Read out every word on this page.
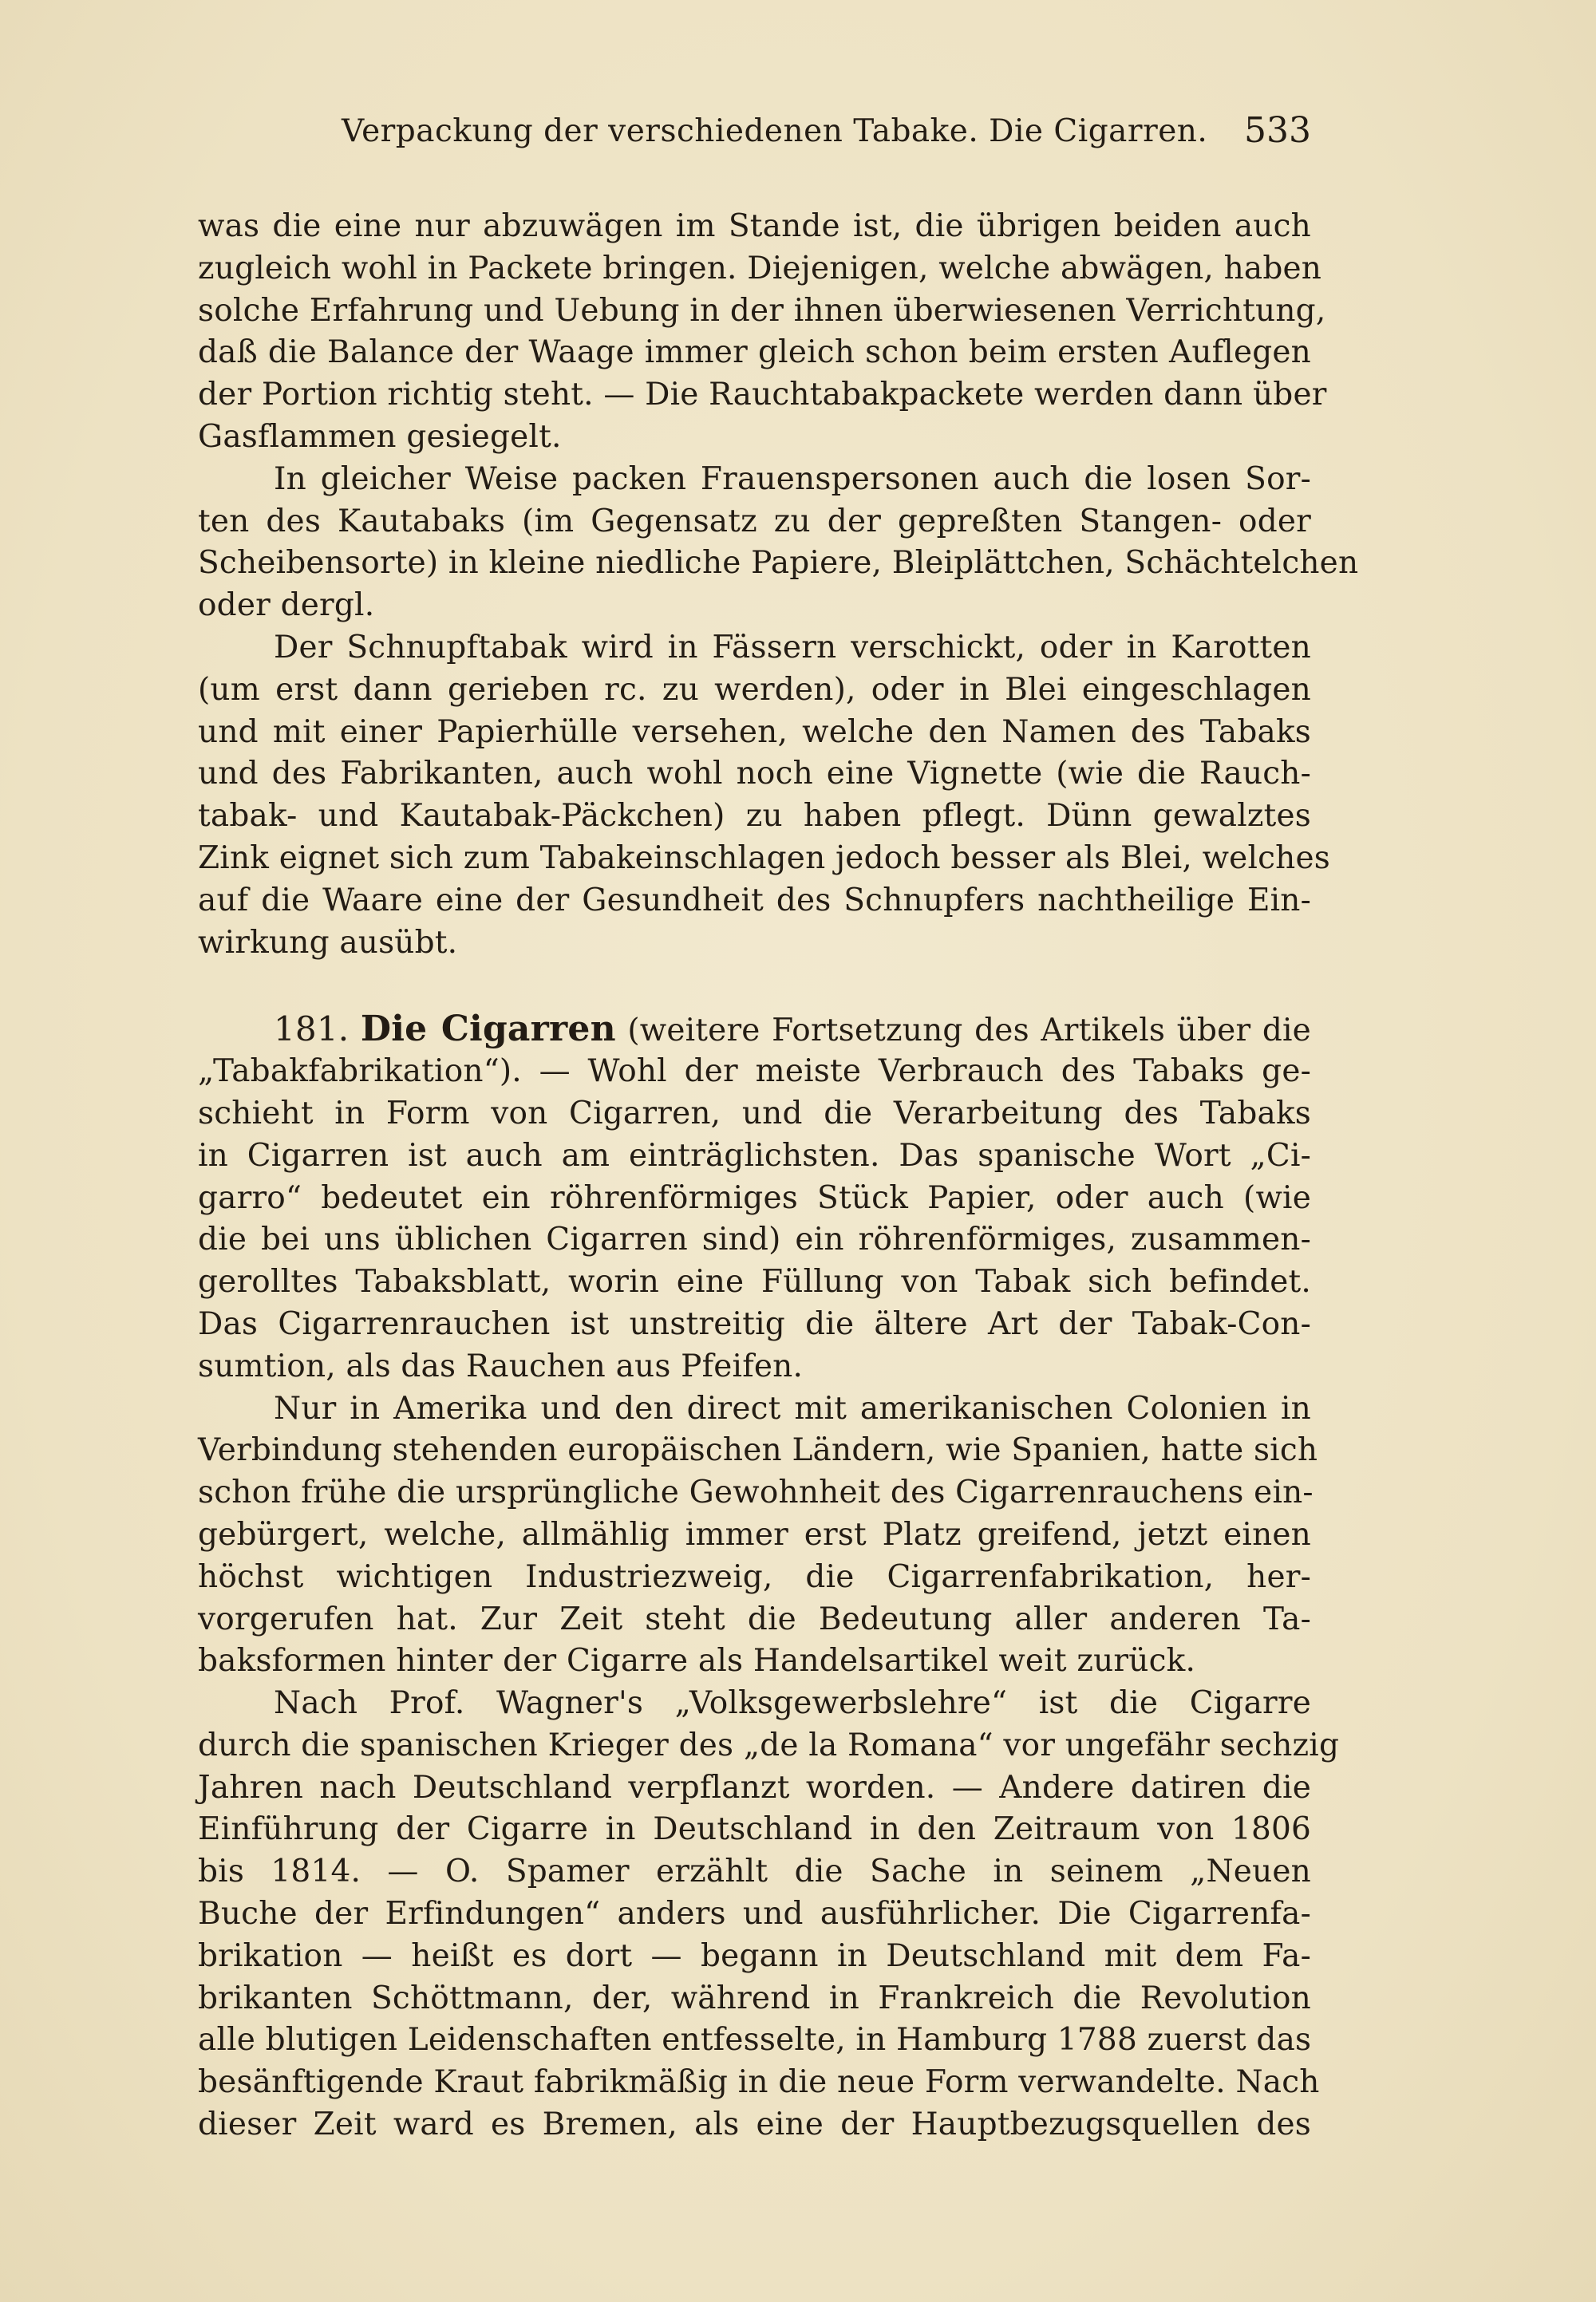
Verpackung der verschiedenen Tabake. Die Cigarren. 533
was die eine nur abzuwägen im Stande ist, die übrigen beiden auch
zugleich wohl in Packete bringen. Diejenigen, welche abwägen, haben
solche Erfahrung und Uebung in der ihnen überwiesenen Verrichtung,
daß die Balance der Waage immer gleich schon beim ersten Auflegen
der Portion richtig steht. — Die Rauchtabakpackete werden dann über
Gasflammen gesiegelt.
In gleicher Weise packen Frauenspersonen auch die losen Sor-
ten des Kautabaks (im Gegensatz zu der gepreßten Stangen- oder
Scheibensorte) in kleine niedliche Papiere, Bleiplättchen, Schächtelchen
oder dergl.
Der Schnupftabak wird in Fässern verschickt, oder in Karotten
(um erst dann gerieben rc. zu werden), oder in Blei eingeschlagen
und mit einer Papierhülle versehen, welche den Namen des Tabaks
und des Fabrikanten, auch wohl noch eine Vignette (wie die Rauch-
tabak- und Kautabak-Päckchen) zu haben pflegt. Dünn gewalztes
Zink eignet sich zum Tabakeinschlagen jedoch besser als Blei, welches
auf die Waare eine der Gesundheit des Schnupfers nachtheilige Ein-
wirkung ausübt.
181. Die Cigarren (weitere Fortsetzung des Artikels über die
„Tabakfabrikation“). — Wohl der meiste Verbrauch des Tabaks ge-
schieht in Form von Cigarren, und die Verarbeitung des Tabaks
in Cigarren ist auch am einträglichsten. Das spanische Wort „Ci-
garro“ bedeutet ein röhrenförmiges Stück Papier, oder auch (wie
die bei uns üblichen Cigarren sind) ein röhrenförmiges, zusammen-
gerolltes Tabaksblatt, worin eine Füllung von Tabak sich befindet.
Das Cigarrenrauchen ist unstreitig die ältere Art der Tabak-Con-
sumtion, als das Rauchen aus Pfeifen.
Nur in Amerika und den direct mit amerikanischen Colonien in
Verbindung stehenden europäischen Ländern, wie Spanien, hatte sich
schon frühe die ursprüngliche Gewohnheit des Cigarrenrauchens ein-
gebürgert, welche, allmählig immer erst Platz greifend, jetzt einen
höchst wichtigen Industriezweig, die Cigarrenfabrikation, her-
vorgerufen hat. Zur Zeit steht die Bedeutung aller anderen Ta-
baksformen hinter der Cigarre als Handelsartikel weit zurück.
Nach Prof. Wagner's „Volksgewerbslehre“ ist die Cigarre
durch die spanischen Krieger des „de la Romana“ vor ungefähr sechzig
Jahren nach Deutschland verpflanzt worden. — Andere datiren die
Einführung der Cigarre in Deutschland in den Zeitraum von 1806
bis 1814. — O. Spamer erzählt die Sache in seinem „Neuen
Buche der Erfindungen“ anders und ausführlicher. Die Cigarrenfa-
brikation — heißt es dort — begann in Deutschland mit dem Fa-
brikanten Schöttmann, der, während in Frankreich die Revolution
alle blutigen Leidenschaften entfesselte, in Hamburg 1788 zuerst das
besänftigende Kraut fabrikmäßig in die neue Form verwandelte. Nach
dieser Zeit ward es Bremen, als eine der Hauptbezugsquellen des
